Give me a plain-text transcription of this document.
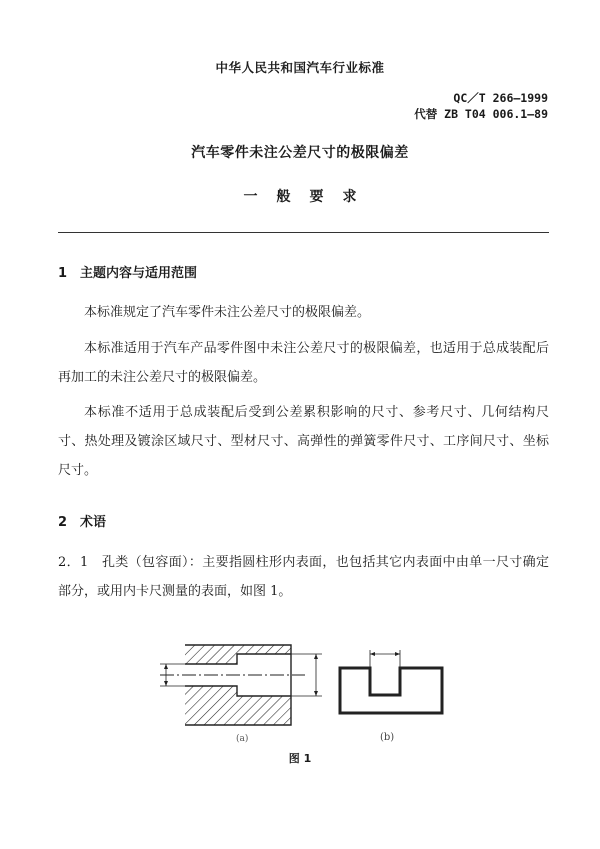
中华人民共和国汽车行业标准
QC／T 266—1999
代替 ZB T04 006.1—89
汽车零件未注公差尺寸的极限偏差
一般要求
1 主题内容与适用范围
本标准规定了汽车零件未注公差尺寸的极限偏差。
本标准适用于汽车产品零件图中未注公差尺寸的极限偏差，也适用于总成装配后再加工的未注公差尺寸的极限偏差。
本标准不适用于总成装配后受到公差累积影响的尺寸、参考尺寸、几何结构尺寸、热处理及镀涂区域尺寸、型材尺寸、高弹性的弹簧零件尺寸、工序间尺寸、坐标尺寸。
2 术语
2．1　孔类（包容面）：主要指圆柱形内表面，也包括其它内表面中由单一尺寸确定部分，或用内卡尺测量的表面，如图 1。
(a)	(b)
图 1
